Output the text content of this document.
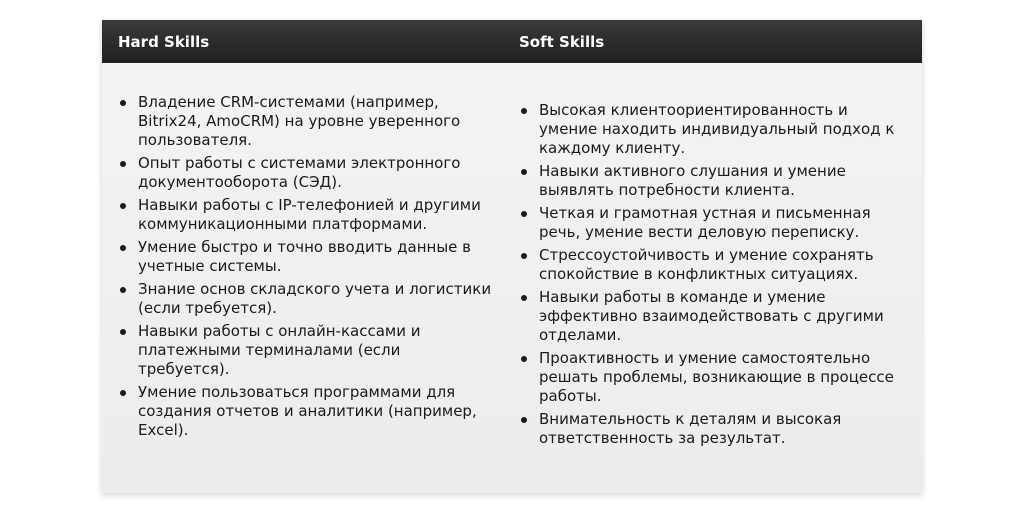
Hard Skills	Soft Skills
Владение CRM-системами (например, Bitrix24, AmoCRM) на уровне уверенного пользователя.
Опыт работы с системами электронного документооборота (СЭД).
Навыки работы с IP-телефонией и другими коммуникационными платформами.
Умение быстро и точно вводить данные в учетные системы.
Знание основ складского учета и логистики (если требуется).
Навыки работы с онлайн-кассами и платежными терминалами (если требуется).
Умение пользоваться программами для создания отчетов и аналитики (например, Excel).
Высокая клиентоориентированность и умение находить индивидуальный подход к каждому клиенту.
Навыки активного слушания и умение выявлять потребности клиента.
Четкая и грамотная устная и письменная речь, умение вести деловую переписку.
Стрессоустойчивость и умение сохранять спокойствие в конфликтных ситуациях.
Навыки работы в команде и умение эффективно взаимодействовать с другими отделами.
Проактивность и умение самостоятельно решать проблемы, возникающие в процессе работы.
Внимательность к деталям и высокая ответственность за результат.
